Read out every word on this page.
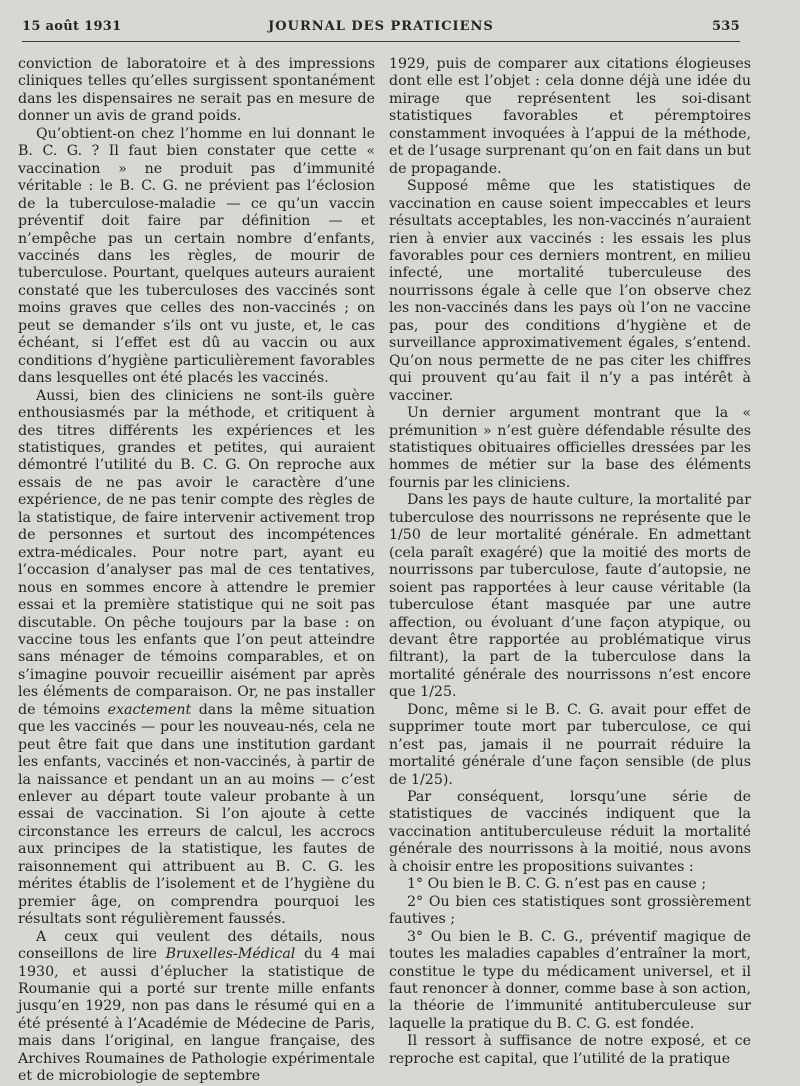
15 août 1931	JOURNAL DES PRATICIENS	535

conviction de laboratoire et à des impressions cliniques telles qu’elles surgissent spontanément dans les dispensaires ne serait pas en mesure de donner un avis de grand poids.

Qu’obtient-on chez l’homme en lui donnant le B. C. G. ? Il faut bien constater que cette « vaccination » ne produit pas d’immunité véritable : le B. C. G. ne prévient pas l’éclosion de la tuberculose-maladie — ce qu’un vaccin préventif doit faire par définition — et n’empêche pas un certain nombre d’enfants, vaccinés dans les règles, de mourir de tuberculose. Pourtant, quelques auteurs auraient constaté que les tuberculoses des vaccinés sont moins graves que celles des non-vaccinés ; on peut se demander s’ils ont vu juste, et, le cas échéant, si l’effet est dû au vaccin ou aux conditions d’hygiène particulièrement favorables dans lesquelles ont été placés les vaccinés.

Aussi, bien des cliniciens ne sont-ils guère enthousiasmés par la méthode, et critiquent à des titres différents les expériences et les statistiques, grandes et petites, qui auraient démontré l’utilité du B. C. G. On reproche aux essais de ne pas avoir le caractère d’une expérience, de ne pas tenir compte des règles de la statistique, de faire intervenir activement trop de personnes et surtout des incompétences extra-médicales. Pour notre part, ayant eu l’occasion d’analyser pas mal de ces tentatives, nous en sommes encore à attendre le premier essai et la première statistique qui ne soit pas discutable. On pêche toujours par la base : on vaccine tous les enfants que l’on peut atteindre sans ménager de témoins comparables, et on s’imagine pouvoir recueillir aisément par après les éléments de comparaison. Or, ne pas installer de témoins exactement dans la même situation que les vaccinés — pour les nouveau-nés, cela ne peut être fait que dans une institution gardant les enfants, vaccinés et non-vaccinés, à partir de la naissance et pendant un an au moins — c’est enlever au départ toute valeur probante à un essai de vaccination. Si l’on ajoute à cette circonstance les erreurs de calcul, les accrocs aux principes de la statistique, les fautes de raisonnement qui attribuent au B. C. G. les mérites établis de l’isolement et de l’hygiène du premier âge, on comprendra pourquoi les résultats sont régulièrement faussés.

A ceux qui veulent des détails, nous conseillons de lire Bruxelles-Médical du 4 mai 1930, et aussi d’éplucher la statistique de Roumanie qui a porté sur trente mille enfants jusqu’en 1929, non pas dans le résumé qui en a été présenté à l’Académie de Médecine de Paris, mais dans l’original, en langue française, des Archives Roumaines de Pathologie expérimentale et de microbiologie de septembre

1929, puis de comparer aux citations élogieuses dont elle est l’objet : cela donne déjà une idée du mirage que représentent les soi-disant statistiques favorables et péremptoires constamment invoquées à l’appui de la méthode, et de l’usage surprenant qu’on en fait dans un but de propagande.

Supposé même que les statistiques de vaccination en cause soient impeccables et leurs résultats acceptables, les non-vaccinés n’auraient rien à envier aux vaccinés : les essais les plus favorables pour ces derniers montrent, en milieu infecté, une mortalité tuberculeuse des nourrissons égale à celle que l’on observe chez les non-vaccinés dans les pays où l’on ne vaccine pas, pour des conditions d’hygiène et de surveillance approximativement égales, s’entend. Qu’on nous permette de ne pas citer les chiffres qui prouvent qu’au fait il n’y a pas intérêt à vacciner.

Un dernier argument montrant que la « prémunition » n’est guère défendable résulte des statistiques obituaires officielles dressées par les hommes de métier sur la base des éléments fournis par les cliniciens.

Dans les pays de haute culture, la mortalité par tuberculose des nourrissons ne représente que le 1/50 de leur mortalité générale. En admettant (cela paraît exagéré) que la moitié des morts de nourrissons par tuberculose, faute d’autopsie, ne soient pas rapportées à leur cause véritable (la tuberculose étant masquée par une autre affection, ou évoluant d’une façon atypique, ou devant être rapportée au problématique virus filtrant), la part de la tuberculose dans la mortalité générale des nourrissons n’est encore que 1/25.

Donc, même si le B. C. G. avait pour effet de supprimer toute mort par tuberculose, ce qui n’est pas, jamais il ne pourrait réduire la mortalité générale d’une façon sensible (de plus de 1/25).

Par conséquent, lorsqu’une série de statistiques de vaccinés indiquent que la vaccination antituberculeuse réduit la mortalité générale des nourrissons à la moitié, nous avons à choisir entre les propositions suivantes :

1° Ou bien le B. C. G. n’est pas en cause ;

2° Ou bien ces statistiques sont grossièrement fautives ;

3° Ou bien le B. C. G., préventif magique de toutes les maladies capables d’entraîner la mort, constitue le type du médicament universel, et il faut renoncer à donner, comme base à son action, la théorie de l’immunité antituberculeuse sur laquelle la pratique du B. C. G. est fondée.

Il ressort à suffisance de notre exposé, et ce reproche est capital, que l’utilité de la pratique
